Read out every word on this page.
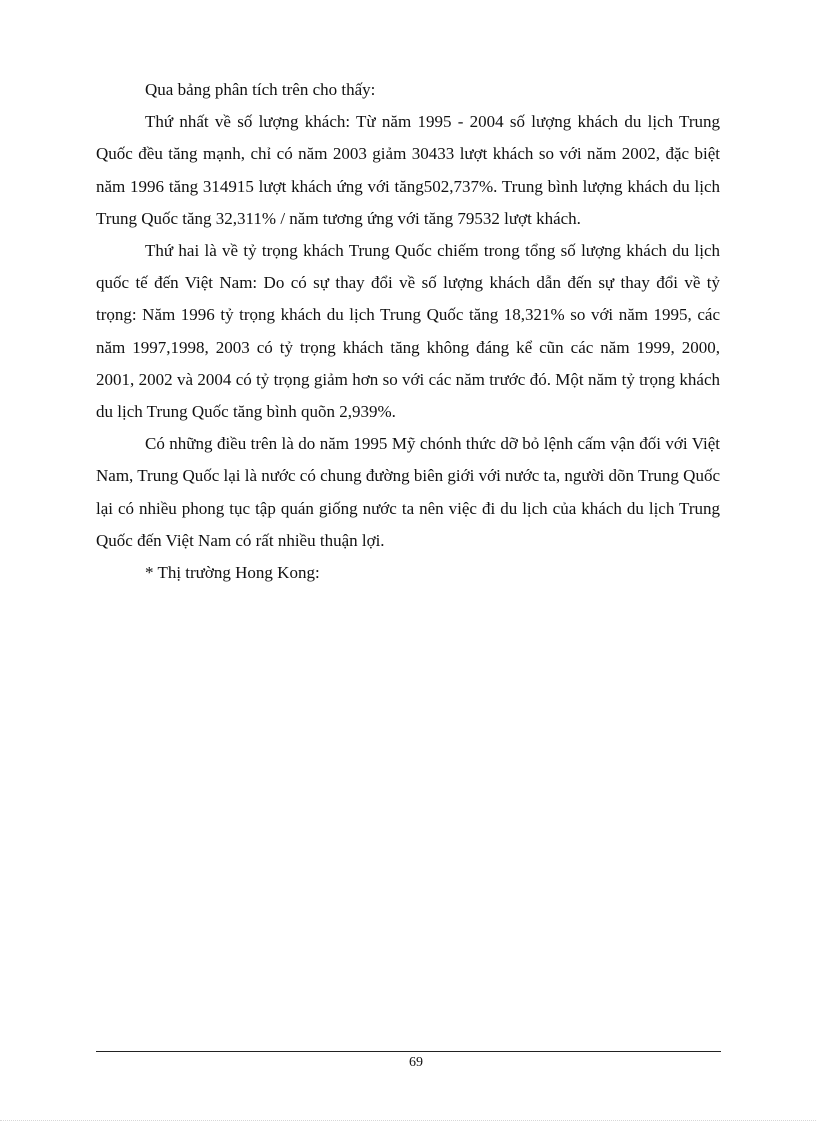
Qua bảng phân tích trên cho thấy:

Thứ nhất về số lượng khách: Từ năm 1995 - 2004 số lượng khách du lịch Trung Quốc đều tăng mạnh, chỉ có năm 2003 giảm 30433 lượt khách so với năm 2002, đặc biệt năm 1996 tăng 314915 lượt khách ứng với tăng502,737%. Trung bình lượng khách du lịch Trung Quốc tăng 32,311% / năm tương ứng với tăng 79532 lượt khách.

Thứ hai là về tỷ trọng khách Trung Quốc chiếm trong tổng số lượng khách du lịch quốc tế đến Việt Nam: Do có sự thay đổi về số lượng khách dẫn đến sự thay đổi về tỷ trọng: Năm 1996 tỷ trọng khách du lịch Trung Quốc tăng 18,321% so với năm 1995, các năm 1997,1998, 2003 có tỷ trọng khách tăng không đáng kể cũn các năm 1999, 2000, 2001, 2002 và 2004 có tỷ trọng giảm hơn so với các năm trước đó. Một năm tỷ trọng khách du lịch Trung Quốc tăng bình quõn 2,939%.

Có những điều trên là do năm 1995 Mỹ chónh thức dỡ bỏ lệnh cấm vận đối với Việt Nam, Trung Quốc lại là nước có chung đường biên giới với nước ta, người dõn Trung Quốc lại có nhiều phong tục tập quán giống nước ta nên việc đi du lịch của khách du lịch Trung Quốc đến Việt Nam có rất nhiều thuận lợi.

* Thị trường Hong Kong:

69
